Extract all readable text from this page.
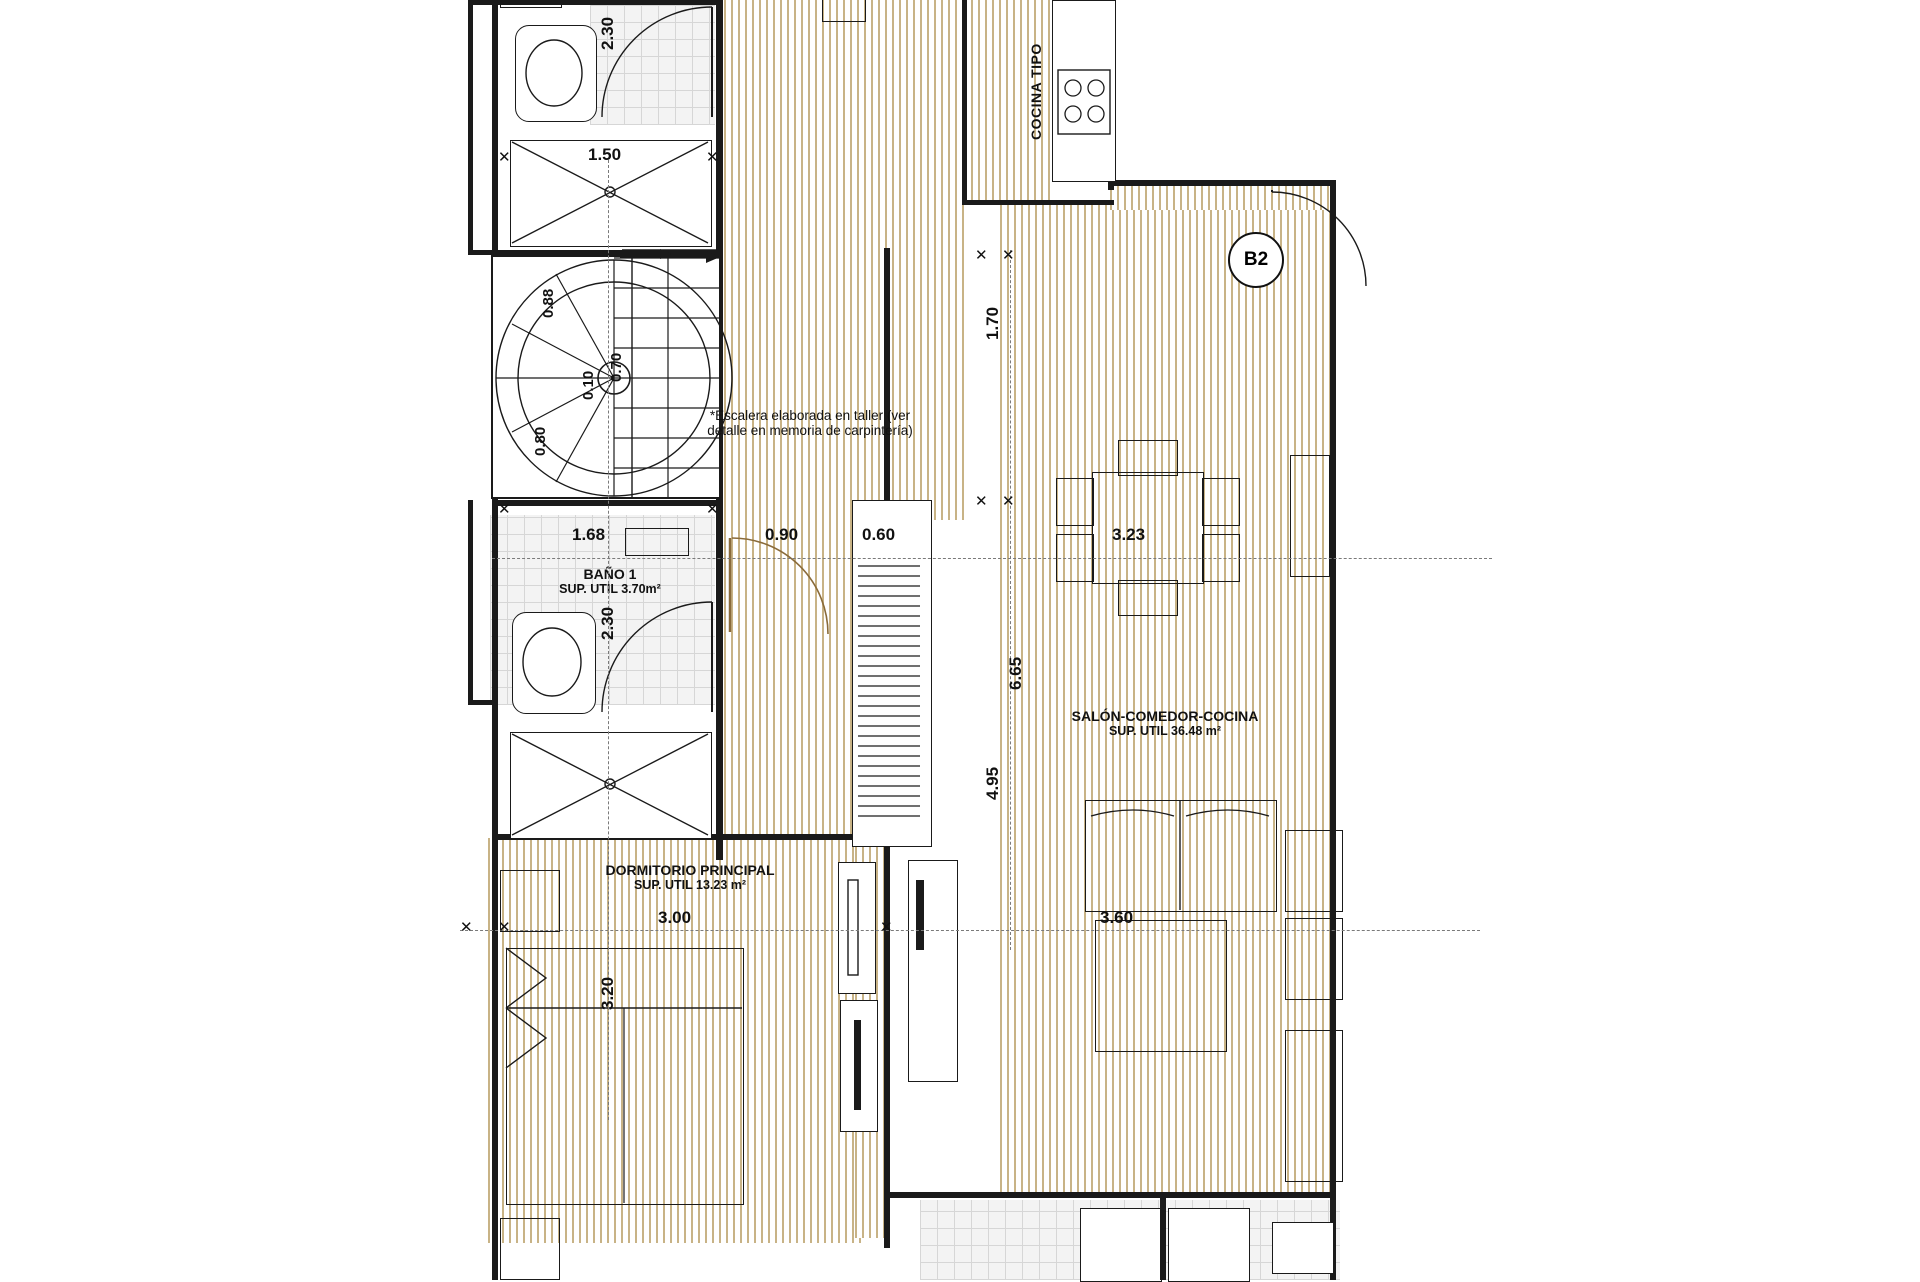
0.88
0.10
0.70
0.80
*Escalera elaborada en taller (ver detalle en memoria de carpintería)
BAÑO 1
SUP. UTIL 3.70m²
COCINA TIPO
B2
✕	✕
✕	✕
✕	✕
✕ ✕
✕ ✕
✕
1.50
1.68	0.90	0.60	3.23
3.00	3.60
2.30
2.30
1.70
6.65
4.95
3.20
DORMITORIO PRINCIPAL
SUP. UTIL 13.23 m²
SALÓN-COMEDOR-COCINA
SUP. UTIL 36.48 m²
